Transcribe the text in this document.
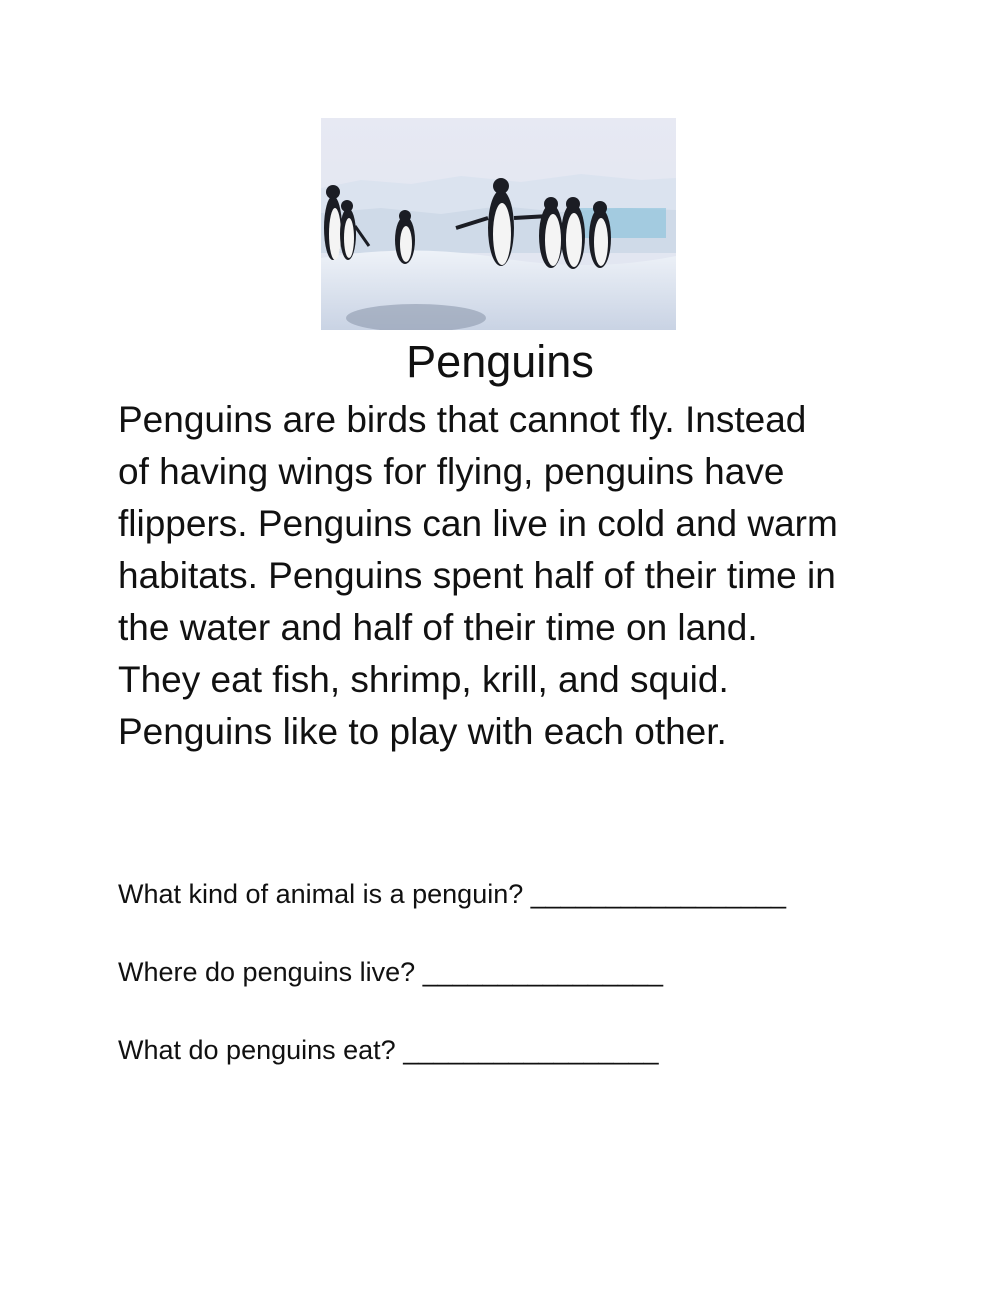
Penguins
Penguins are birds that cannot fly. Instead
of having wings for flying, penguins have
flippers. Penguins can live in cold and warm
habitats. Penguins spent half of their time in
the water and half of their time on land.
They eat fish, shrimp, krill, and squid.
Penguins like to play with each other.
What kind of animal is a penguin? _________________
Where do penguins live? ________________
What do penguins eat? _________________
